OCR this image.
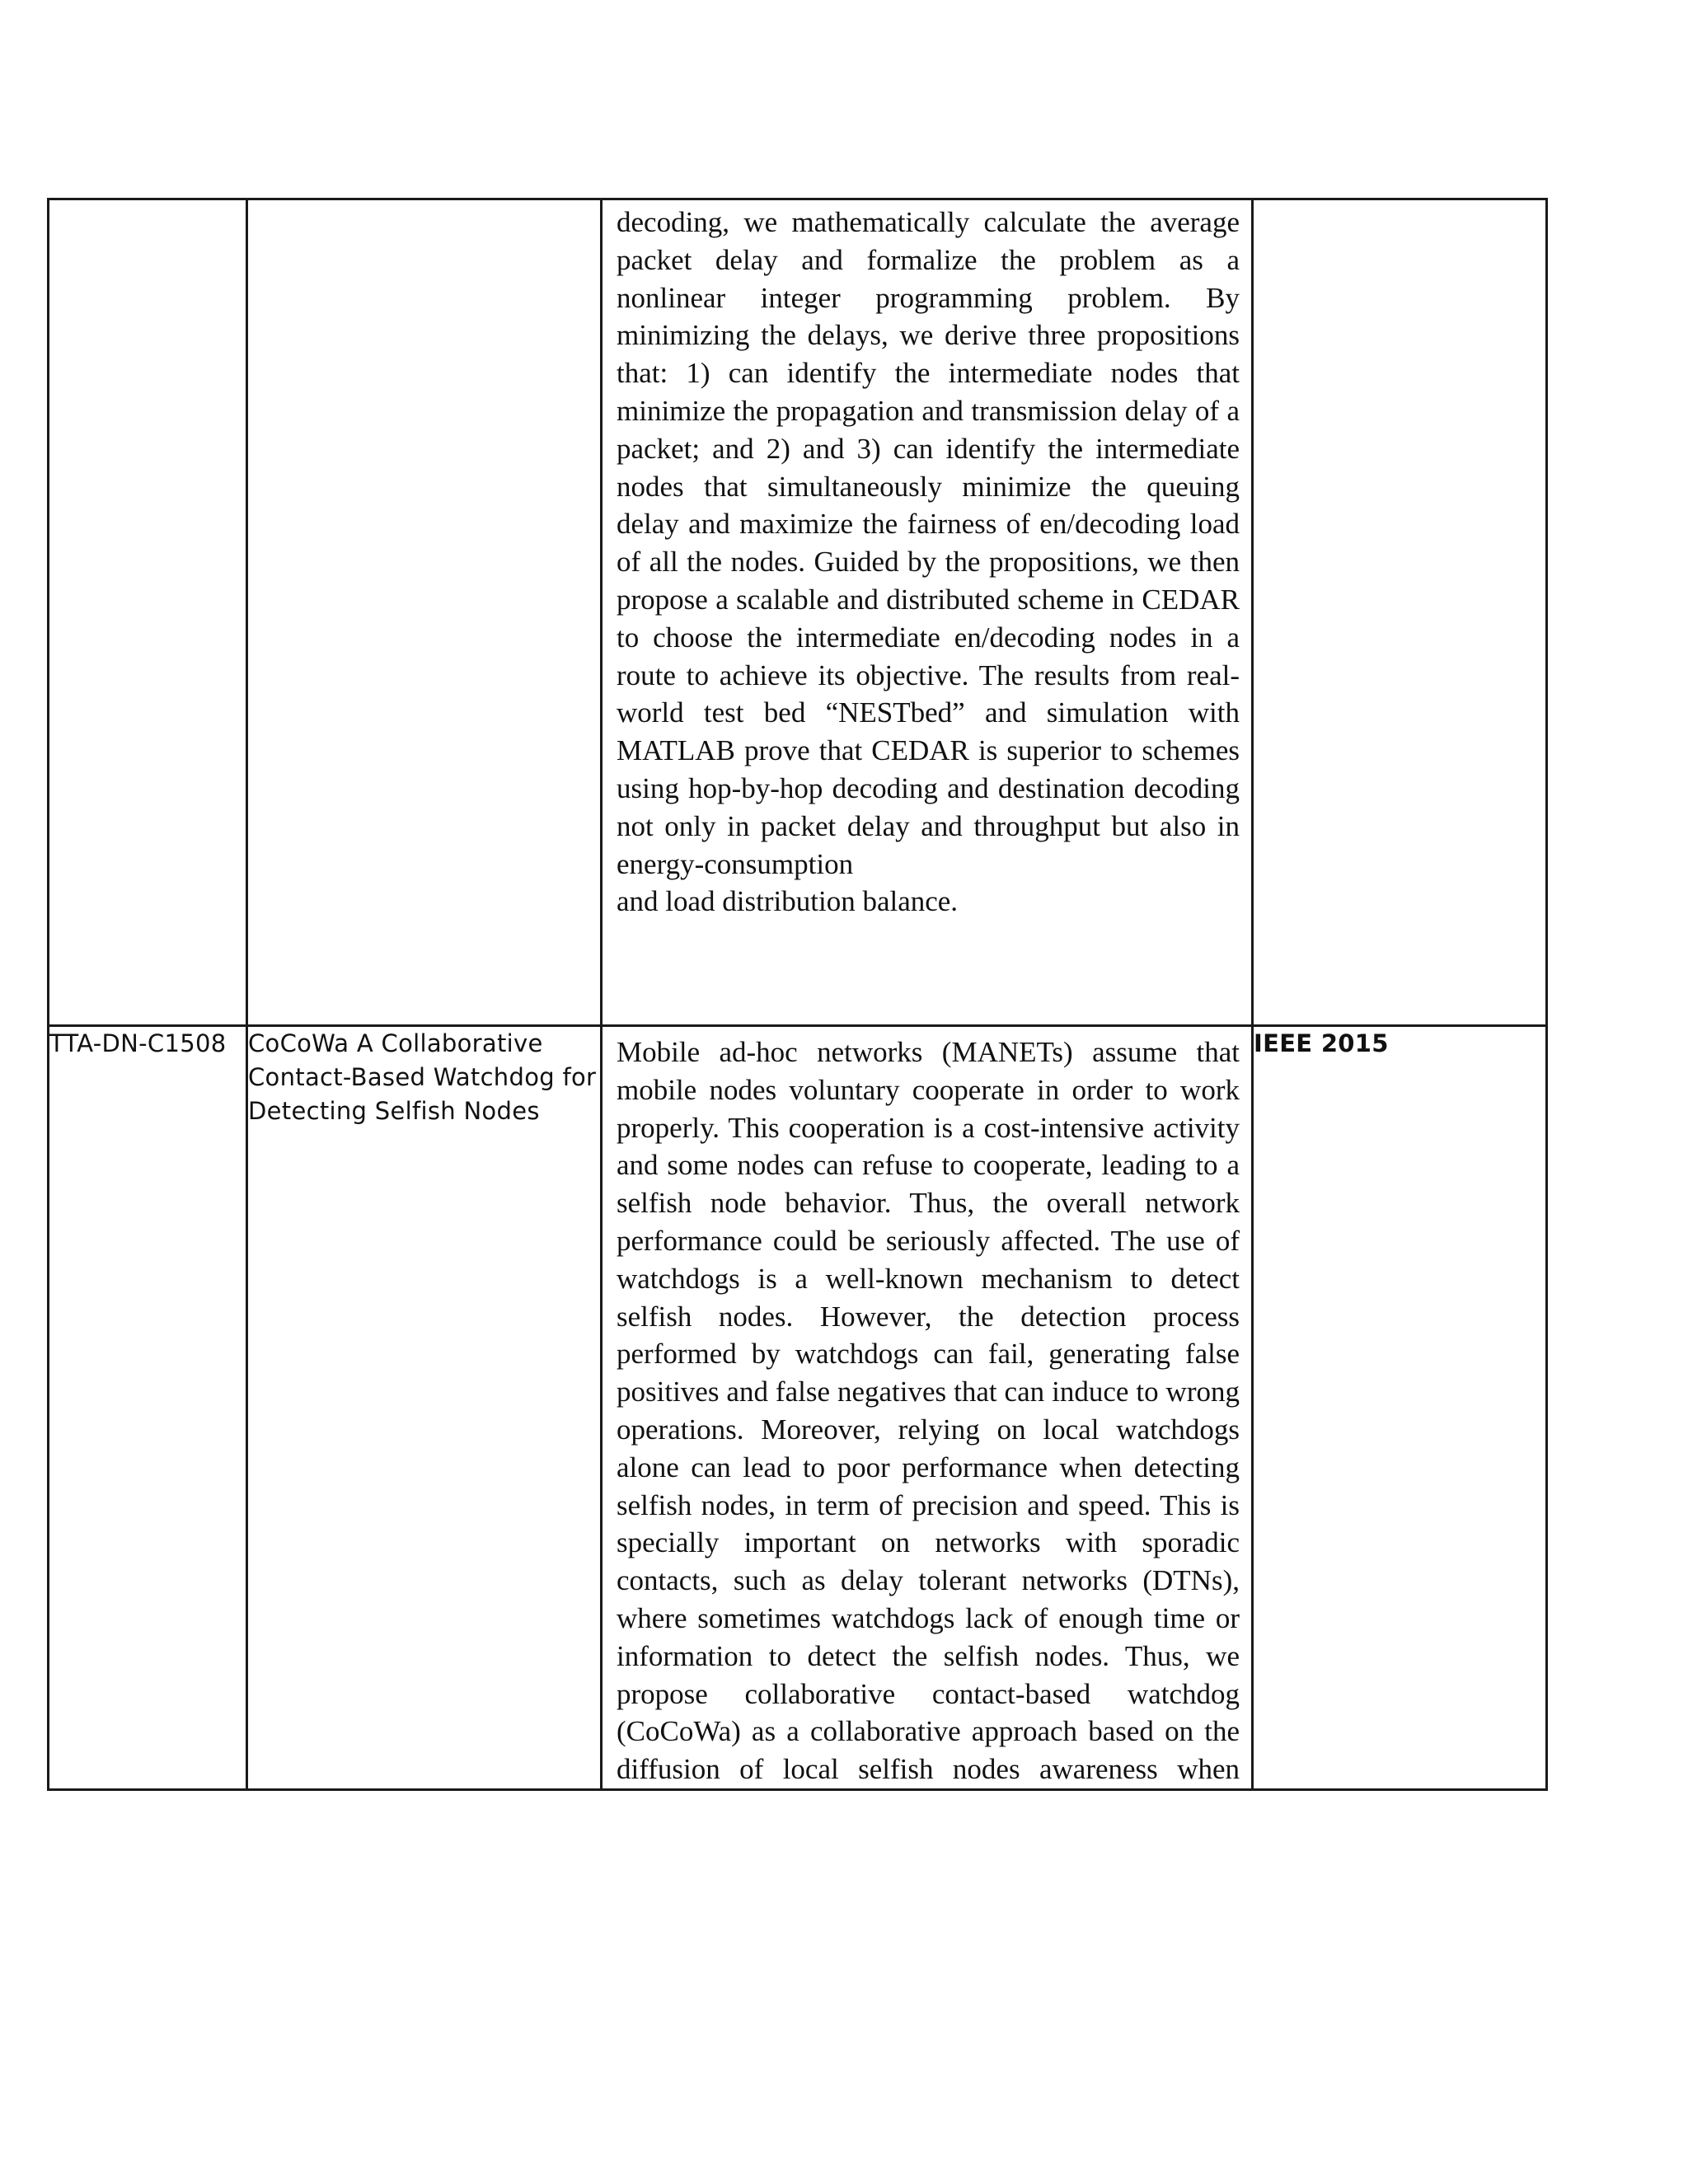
		decoding, we mathematically calculate the average packet delay and formalize the problem as a nonlinear integer programming problem. By minimizing the delays, we derive three propositions that: 1) can identify the intermediate nodes that minimize the propagation and transmission delay of a packet; and 2) and 3) can identify the intermediate nodes that simultaneously minimize the queuing delay and maximize the fairness of en/decoding load of all the nodes. Guided by the propositions, we then propose a scalable and distributed scheme in CEDAR to choose the intermediate en/decoding nodes in a route to achieve its objective. The results from real-world test bed “NESTbed” and simulation with MATLAB prove that CEDAR is superior to schemes using hop-by-hop decoding and destination decoding not only in packet delay and throughput but also in energy-consumption
and load distribution balance.	

TTA-DN-C1508	CoCoWa A Collaborative Contact-Based Watchdog for Detecting Selfish Nodes	Mobile ad-hoc networks (MANETs) assume that mobile nodes voluntary cooperate in order to work properly. This cooperation is a cost-intensive activity and some nodes can refuse to cooperate, leading to a selfish node behavior. Thus, the overall network performance could be seriously affected. The use of watchdogs is a well-known mechanism to detect selfish nodes. However, the detection process performed by watchdogs can fail, generating false positives and false negatives that can induce to wrong operations. Moreover, relying on local watchdogs alone can lead to poor performance when detecting selfish nodes, in term of precision and speed. This is specially important on networks with sporadic contacts, such as delay tolerant networks (DTNs), where sometimes watchdogs lack of enough time or information to detect the selfish nodes. Thus, we propose collaborative contact-based watchdog (CoCoWa) as a collaborative approach based on the diffusion of local selfish nodes awareness when	IEEE 2015
